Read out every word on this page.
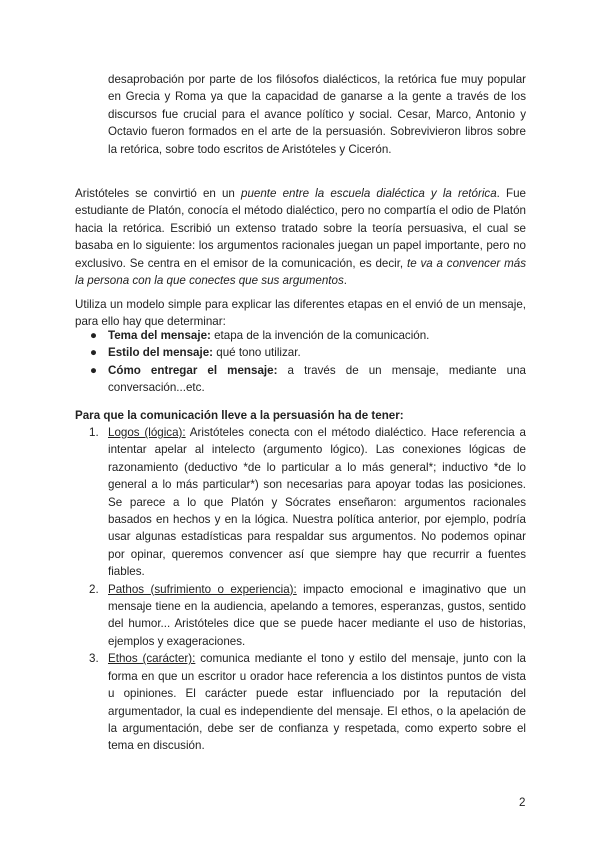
desaprobación por parte de los filósofos dialécticos, la retórica fue muy popular en Grecia y Roma ya que la capacidad de ganarse a la gente a través de los discursos fue crucial para el avance político y social. Cesar, Marco, Antonio y Octavio fueron formados en el arte de la persuasión. Sobrevivieron libros sobre la retórica, sobre todo escritos de Aristóteles y Cicerón.

Aristóteles se convirtió en un puente entre la escuela dialéctica y la retórica. Fue estudiante de Platón, conocía el método dialéctico, pero no compartía el odio de Platón hacia la retórica. Escribió un extenso tratado sobre la teoría persuasiva, el cual se basaba en lo siguiente: los argumentos racionales juegan un papel importante, pero no exclusivo. Se centra en el emisor de la comunicación, es decir, te va a convencer más la persona con la que conectes que sus argumentos.

Utiliza un modelo simple para explicar las diferentes etapas en el envió de un mensaje, para ello hay que determinar:

● Tema del mensaje: etapa de la invención de la comunicación.
● Estilo del mensaje: qué tono utilizar.
● Cómo entregar el mensaje: a través de un mensaje, mediante una conversación...etc.

Para que la comunicación lleve a la persuasión ha de tener:

1. Logos (lógica): Aristóteles conecta con el método dialéctico. Hace referencia a intentar apelar al intelecto (argumento lógico). Las conexiones lógicas de razonamiento (deductivo *de lo particular a lo más general*; inductivo *de lo general a lo más particular*) son necesarias para apoyar todas las posiciones. Se parece a lo que Platón y Sócrates enseñaron: argumentos racionales basados en hechos y en la lógica. Nuestra política anterior, por ejemplo, podría usar algunas estadísticas para respaldar sus argumentos. No podemos opinar por opinar, queremos convencer así que siempre hay que recurrir a fuentes fiables.
2. Pathos (sufrimiento o experiencia): impacto emocional e imaginativo que un mensaje tiene en la audiencia, apelando a temores, esperanzas, gustos, sentido del humor... Aristóteles dice que se puede hacer mediante el uso de historias, ejemplos y exageraciones.
3. Ethos (carácter): comunica mediante el tono y estilo del mensaje, junto con la forma en que un escritor u orador hace referencia a los distintos puntos de vista u opiniones. El carácter puede estar influenciado por la reputación del argumentador, la cual es independiente del mensaje. El ethos, o la apelación de la argumentación, debe ser de confianza y respetada, como experto sobre el tema en discusión.
2
